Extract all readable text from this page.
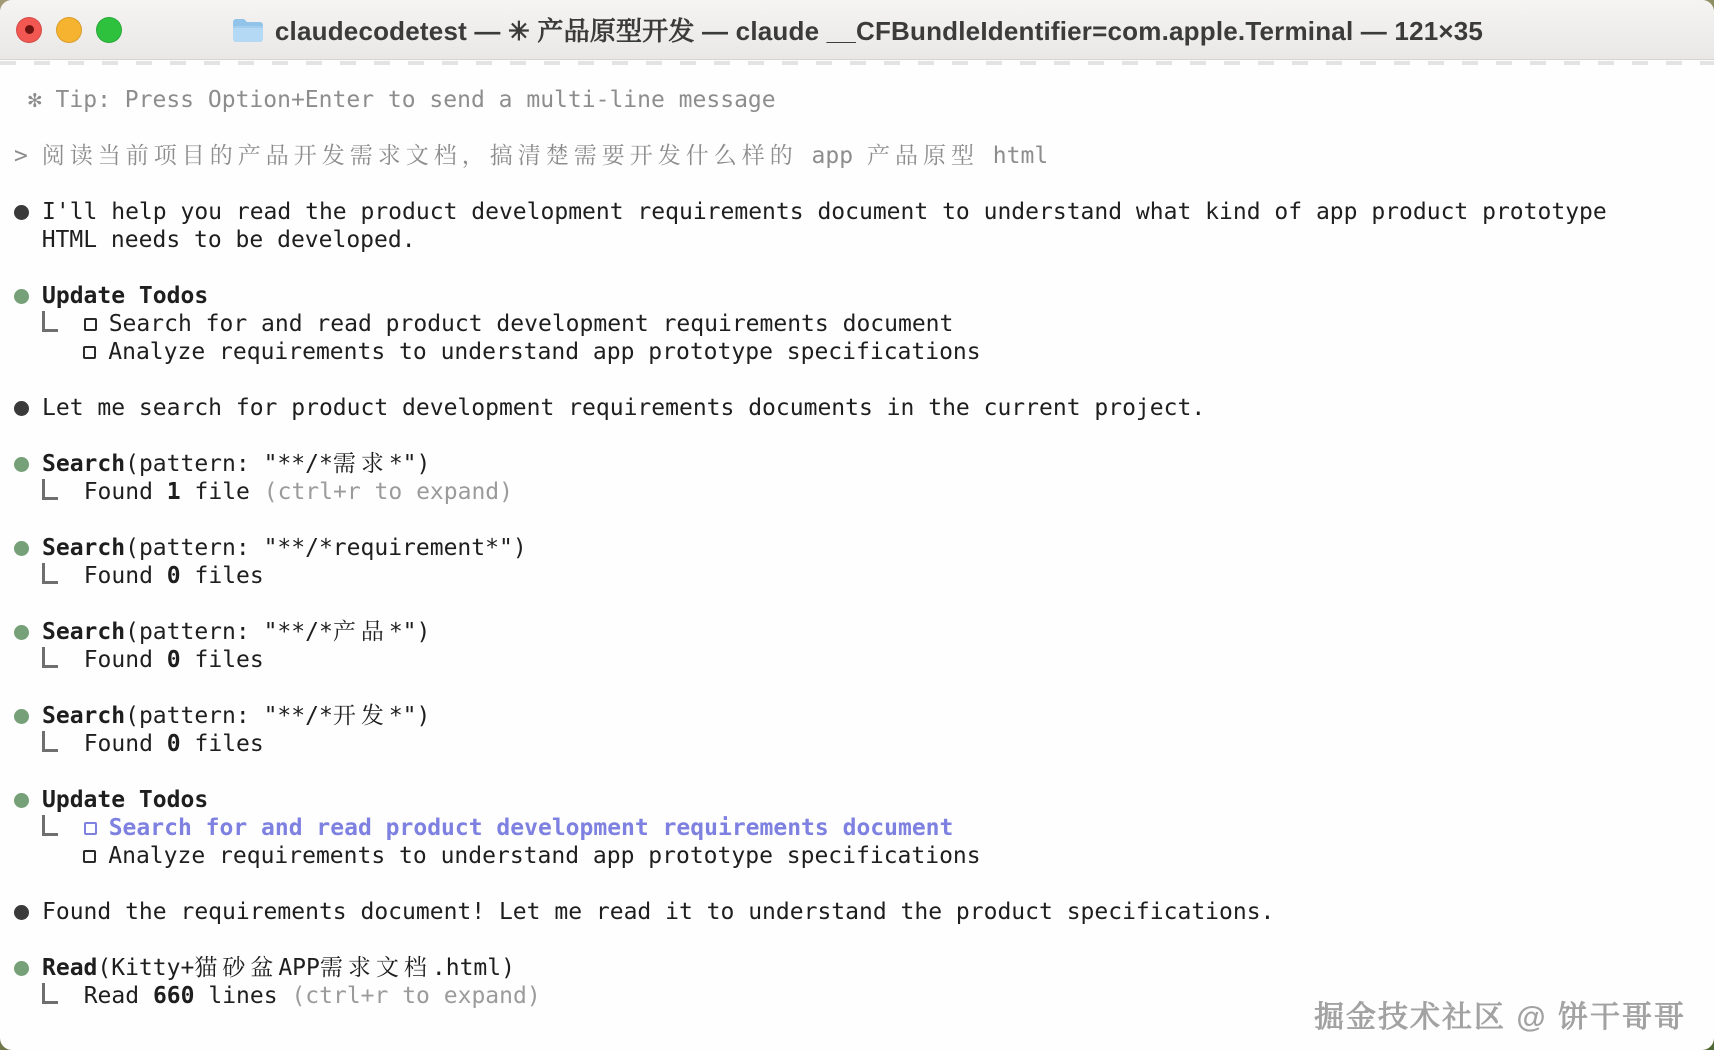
claudecodetest — ✳ 产品原型开发 — claude __CFBundleIdentifier=com.apple.Terminal — 121×35

✻ Tip: Press Option+Enter to send a multi-line message
> 阅读当前项目的产品开发需求文档，搞清楚需要开发什么样的 app 产品原型 html
I'll help you read the product development requirements document to understand what kind of app product prototype
HTML needs to be developed.
Update Todos

Search for and read product development requirements document

Analyze requirements to understand app prototype specifications
Let me search for product development requirements documents in the current project.
Search (pattern: "**/* 需求 *")

Found 1 file (ctrl+r to expand)
Search (pattern: "**/*requirement*")

Found 0 files
Search (pattern: "**/* 产品 *")

Found 0 files
Search (pattern: "**/* 开发 *")

Found 0 files
Update Todos

Search for and read product development requirements document

Analyze requirements to understand app prototype specifications
Found the requirements document! Let me read it to understand the product specifications.
Read (Kitty+ 猫砂盆 APP 需求文档 .html)

Read 660 lines (ctrl+r to expand)
掘金技术社区 @ 饼干哥哥
